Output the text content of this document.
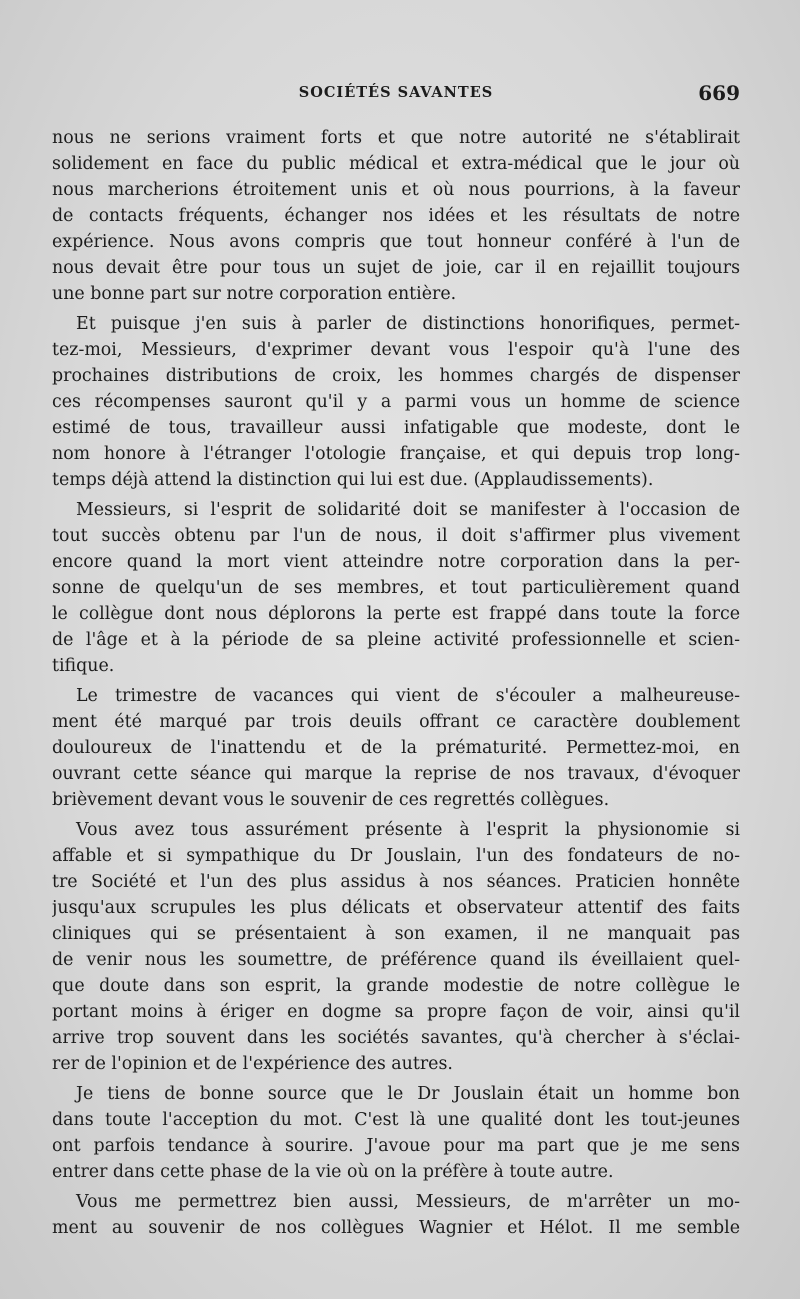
SOCIÉTÉS SAVANTES	669
nous ne serions vraiment forts et que notre autorité ne s'établirait
solidement en face du public médical et extra-médical que le jour où
nous marcherions étroitement unis et où nous pourrions, à la faveur
de contacts fréquents, échanger nos idées et les résultats de notre
expérience. Nous avons compris que tout honneur conféré à l'un de
nous devait être pour tous un sujet de joie, car il en rejaillit toujours
une bonne part sur notre corporation entière.
Et puisque j'en suis à parler de distinctions honorifiques, permet-
tez-moi, Messieurs, d'exprimer devant vous l'espoir qu'à l'une des
prochaines distributions de croix, les hommes chargés de dispenser
ces récompenses sauront qu'il y a parmi vous un homme de science
estimé de tous, travailleur aussi infatigable que modeste, dont le
nom honore à l'étranger l'otologie française, et qui depuis trop long-
temps déjà attend la distinction qui lui est due. (Applaudissements).
Messieurs, si l'esprit de solidarité doit se manifester à l'occasion de
tout succès obtenu par l'un de nous, il doit s'affirmer plus vivement
encore quand la mort vient atteindre notre corporation dans la per-
sonne de quelqu'un de ses membres, et tout particulièrement quand
le collègue dont nous déplorons la perte est frappé dans toute la force
de l'âge et à la période de sa pleine activité professionnelle et scien-
tifique.
Le trimestre de vacances qui vient de s'écouler a malheureuse-
ment été marqué par trois deuils offrant ce caractère doublement
douloureux de l'inattendu et de la prématurité. Permettez-moi, en
ouvrant cette séance qui marque la reprise de nos travaux, d'évoquer
brièvement devant vous le souvenir de ces regrettés collègues.
Vous avez tous assurément présente à l'esprit la physionomie si
affable et si sympathique du Dr Jouslain, l'un des fondateurs de no-
tre Société et l'un des plus assidus à nos séances. Praticien honnête
jusqu'aux scrupules les plus délicats et observateur attentif des faits
cliniques qui se présentaient à son examen, il ne manquait pas
de venir nous les soumettre, de préférence quand ils éveillaient quel-
que doute dans son esprit, la grande modestie de notre collègue le
portant moins à ériger en dogme sa propre façon de voir, ainsi qu'il
arrive trop souvent dans les sociétés savantes, qu'à chercher à s'éclai-
rer de l'opinion et de l'expérience des autres.
Je tiens de bonne source que le Dr Jouslain était un homme bon
dans toute l'acception du mot. C'est là une qualité dont les tout-jeunes
ont parfois tendance à sourire. J'avoue pour ma part que je me sens
entrer dans cette phase de la vie où on la préfère à toute autre.
Vous me permettrez bien aussi, Messieurs, de m'arrêter un mo-
ment au souvenir de nos collègues Wagnier et Hélot. Il me semble
